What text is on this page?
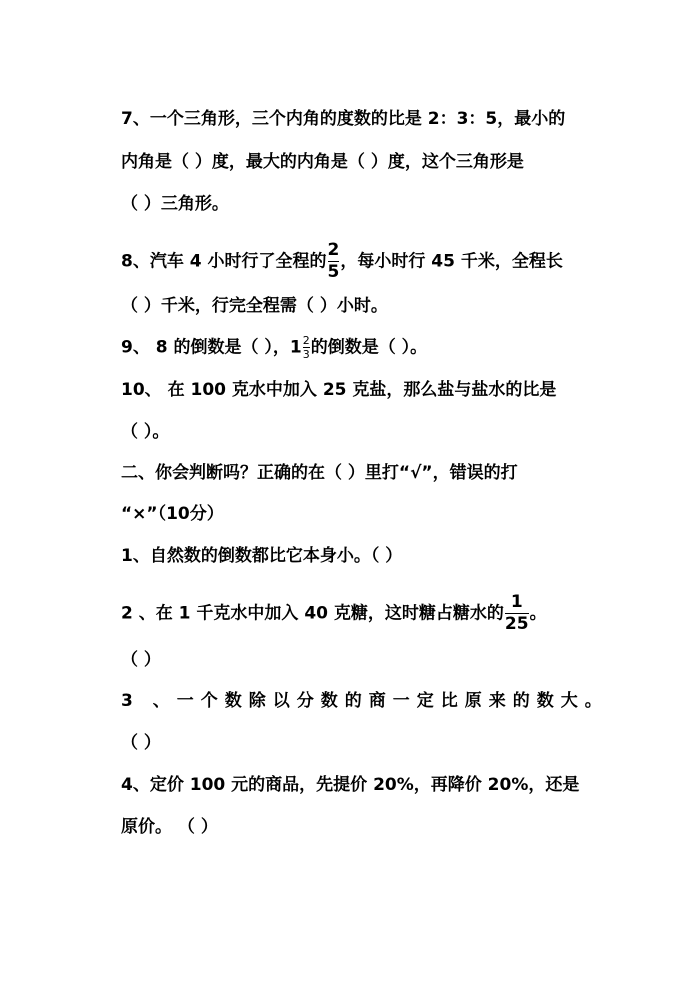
7、一个三角形，三个内角的度数的比是 2：3：5，最小的
内角是（ ）度，最大的内角是（ ）度，这个三角形是
（ ）三角形。
8、汽车 4 小时行了全程的 $\frac{2}{5}$ ，每小时行 45 千米，全程长
（ ）千米，行完全程需（ ）小时。
9、 8 的倒数是（ ），$1 \frac{2}{3}$ 的倒数是（ ）。
10、 在 100 克水中加入 25 克盐，那么盐与盐水的比是
（ ）。
二、你会判断吗？正确的在（ ）里打“√”，错误的打
“×”（10分）
1、自然数的倒数都比它本身小。（ ）
2 、在 1 千克水中加入 40 克糖，这时糖占糖水的 $\frac{1}{25}$ 。
（ ）
3 、一个数除以分数的商一定比原来的数大。
（ ）
4、定价 100 元的商品，先提价 20%，再降价 20%，还是
原价。 （ ）
